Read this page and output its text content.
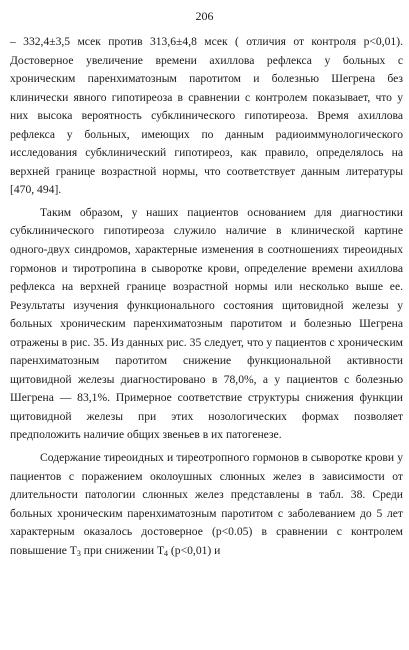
206

– 332,4±3,5 мсек против 313,6±4,8 мсек ( отличия от контроля p<0,01). Достоверное увеличение времени ахиллова рефлекса у больных с хроническим паренхиматозным паротитом и болезнью Шегрена без клинически явного гипотиреоза в сравнении с контролем показывает, что у них высока вероятность субклинического гипотиреоза. Время ахиллова рефлекса у больных, имеющих по данным радиоиммунологического исследования субклинический гипотиреоз, как правило, определялось на верхней границе возрастной нормы, что соответствует данным литературы [470, 494].

Таким образом, у наших пациентов основанием для диагностики субклинического гипотиреоза служило наличие в клинической картине одного-двух синдромов, характерные изменения в соотношениях тиреоидных гормонов и тиротропина в сыворотке крови, определение времени ахиллова рефлекса на верхней границе возрастной нормы или несколько выше ее. Результаты изучения функционального состояния щитовидной железы у больных хроническим паренхиматозным паротитом и болезнью Шегрена отражены в рис. 35. Из данных рис. 35 следует, что у пациентов с хроническим паренхиматозным паротитом снижение функциональной активности щитовидной железы диагностировано в 78,0%, а у пациентов с болезнью Шегрена — 83,1%. Примерное соответствие структуры снижения функции щитовидной железы при этих нозологических формах позволяет предположить наличие общих звеньев в их патогенезе.

Содержание тиреоидных и тиреотропного гормонов в сыворотке крови у пациентов с поражением околоушных слюнных желез в зависимости от длительности патологии слюнных желез представлены в табл. 38. Среди больных хроническим паренхиматозным паротитом с заболеванием до 5 лет характерным оказалось достоверное (p<0.05) в сравнении с контролем повышение $T_3$ при снижении $T_4$ (p<0,01) и
